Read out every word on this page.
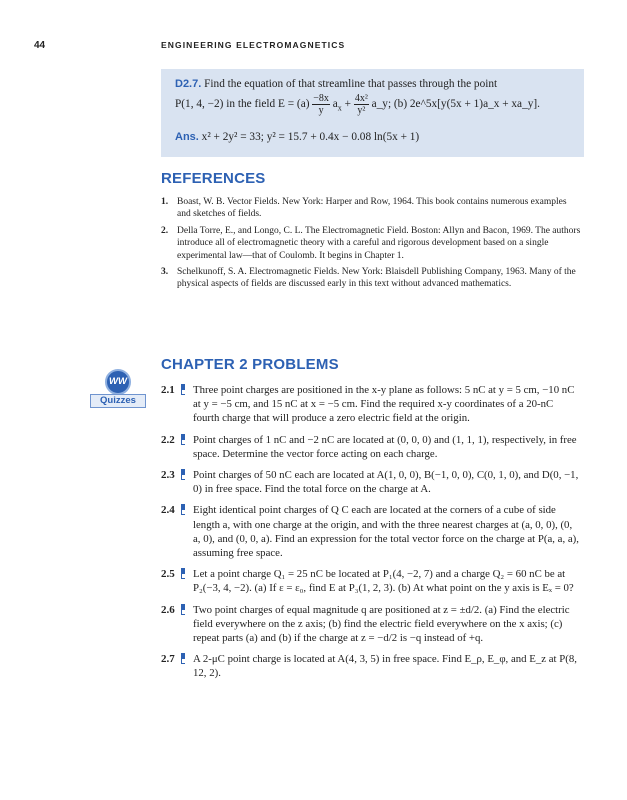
44	ENGINEERING ELECTROMAGNETICS
D2.7. Find the equation of that streamline that passes through the point
P(1, 4, −2) in the field $E = (a) \frac{-8x}{y} a_x + \frac{\text{4x²}}{\text{y²}}$ a_y; (b) 2e^5x[y(5x + 1)a_x + xa_y].
Ans. x² + 2y² = 33; y² = 15.7 + 0.4x − 0.08 ln(5x + 1)
REFERENCES
1. Boast, W. B. Vector Fields. New York: Harper and Row, 1964. This book contains numerous examples and sketches of fields.
2. Della Torre, E., and Longo, C. L. The Electromagnetic Field. Boston: Allyn and Bacon, 1969. The authors introduce all of electromagnetic theory with a careful and rigorous development based on a single experimental law—that of Coulomb. It begins in Chapter 1.
3. Schelkunoff, S. A. Electromagnetic Fields. New York: Blaisdell Publishing Company, 1963. Many of the physical aspects of fields are discussed early in this text without advanced mathematics.
CHAPTER 2 PROBLEMS
WW
Quizzes
2.1 Three point charges are positioned in the x-y plane as follows: 5 nC at y = 5 cm, −10 nC at y = −5 cm, and 15 nC at x = −5 cm. Find the required x-y coordinates of a 20-nC fourth charge that will produce a zero electric field at the origin.
2.2 Point charges of 1 nC and −2 nC are located at (0, 0, 0) and (1, 1, 1), respectively, in free space. Determine the vector force acting on each charge.
2.3 Point charges of 50 nC each are located at A(1, 0, 0), B(−1, 0, 0), C(0, 1, 0), and D(0, −1, 0) in free space. Find the total force on the charge at A.
2.4 Eight identical point charges of Q C each are located at the corners of a cube of side length a, with one charge at the origin, and with the three nearest charges at (a, 0, 0), (0, a, 0), and (0, 0, a). Find an expression for the total vector force on the charge at P(a, a, a), assuming free space.
2.5 Let a point charge Q₁ = 25 nC be located at P₁(4, −2, 7) and a charge Q₂ = 60 nC be at P₂(−3, 4, −2). (a) If ε = ε₀, find E at P₃(1, 2, 3). (b) At what point on the y axis is Eₓ = 0?
2.6 Two point charges of equal magnitude q are positioned at z = ±d/2. (a) Find the electric field everywhere on the z axis; (b) find the electric field everywhere on the x axis; (c) repeat parts (a) and (b) if the charge at z = −d/2 is −q instead of +q.
2.7 A 2-μC point charge is located at A(4, 3, 5) in free space. Find E_ρ, E_φ, and E_z at P(8, 12, 2).
